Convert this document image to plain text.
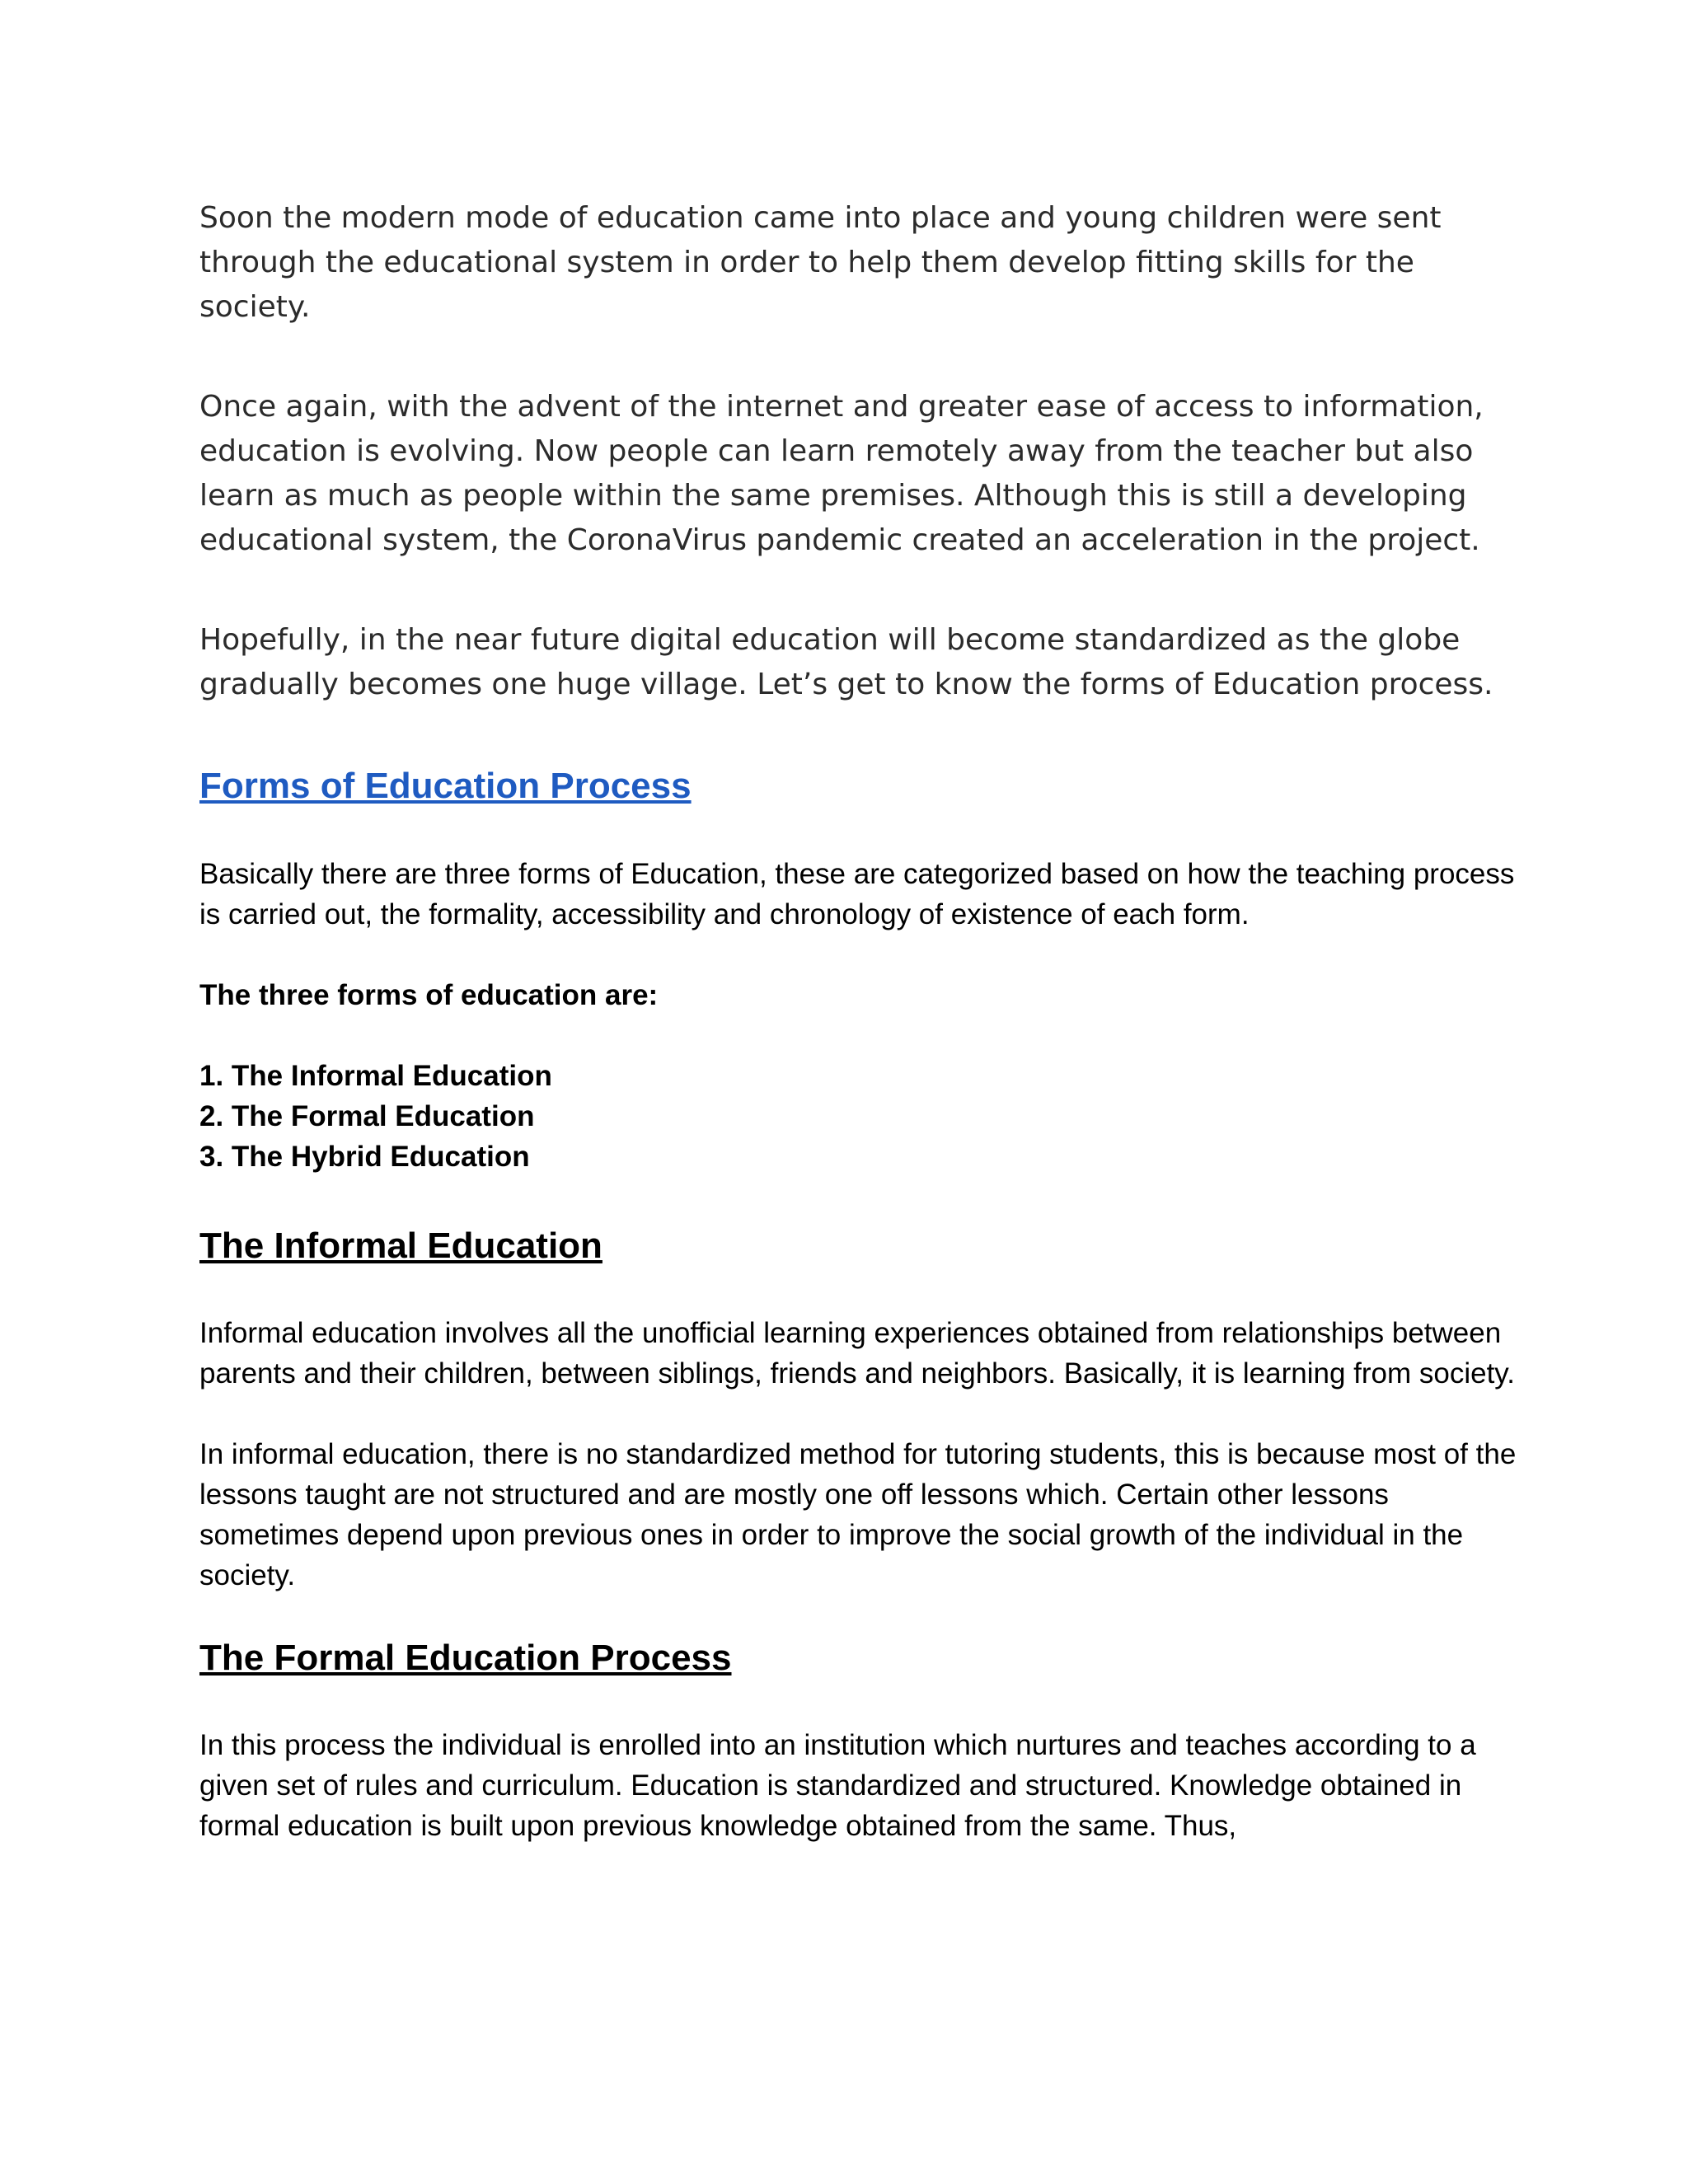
Soon the modern mode of education came into place and young children were sent through the educational system in order to help them develop fitting skills for the society.

Once again, with the advent of the internet and greater ease of access to information, education is evolving. Now people can learn remotely away from the teacher but also learn as much as people within the same premises. Although this is still a developing educational system, the CoronaVirus pandemic created an acceleration in the project.

Hopefully, in the near future digital education will become standardized as the globe gradually becomes one huge village. Let’s get to know the forms of Education process.

Forms of Education Process

Basically there are three forms of Education, these are categorized based on how the teaching process is carried out, the formality, accessibility and chronology of existence of each form.

The three forms of education are:

1. The Informal Education
2. The Formal Education
3. The Hybrid Education
The Informal Education

Informal education involves all the unofficial learning experiences obtained from relationships between parents and their children, between siblings, friends and neighbors. Basically, it is learning from society.

In informal education, there is no standardized method for tutoring students, this is because most of the lessons taught are not structured and are mostly one off lessons which. Certain other lessons sometimes depend upon previous ones in order to improve the social growth of the individual in the society.

The Formal Education Process

In this process the individual is enrolled into an institution which nurtures and teaches according to a given set of rules and curriculum. Education is standardized and structured. Knowledge obtained in formal education is built upon previous knowledge obtained from the same. Thus,
